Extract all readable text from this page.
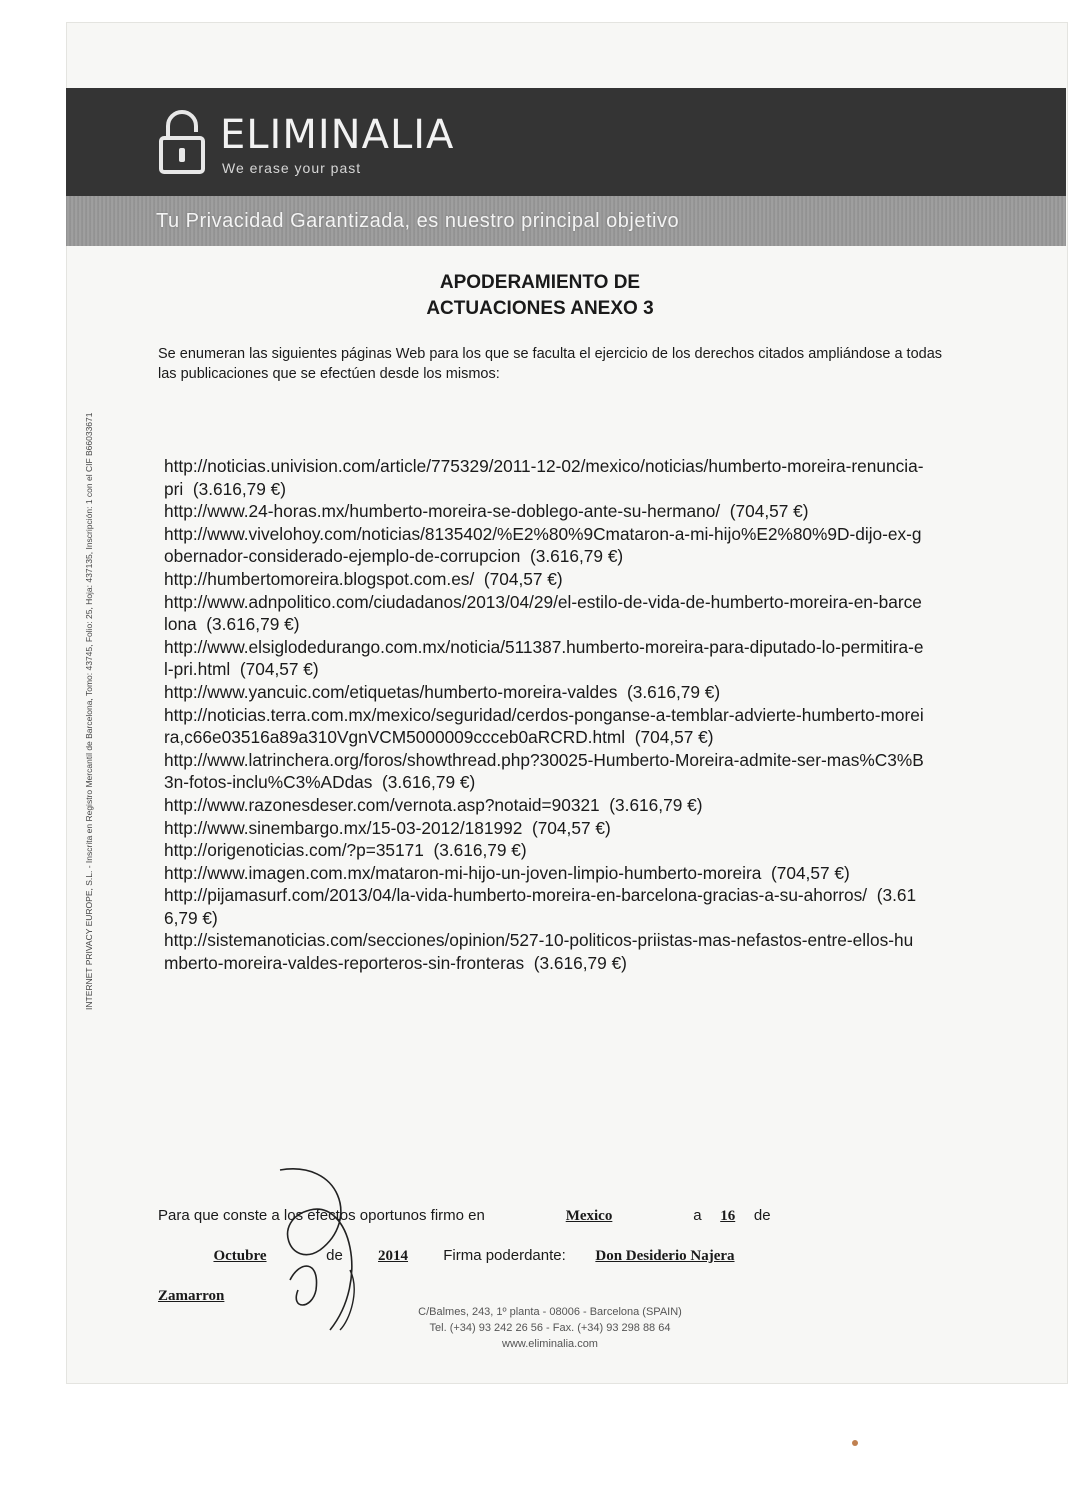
ELIMINALIA
We erase your past
Tu Privacidad Garantizada, es nuestro principal objetivo
INTERNET PRIVACY EUROPE, S.L. - Inscrita en Registro Mercantil de Barcelona, Tomo: 43745, Folio: 25, Hoja: 437135, Inscripción: 1 con el CIF B66033671
APODERAMIENTO DE
ACTUACIONES ANEXO 3
Se enumeran las siguientes páginas Web para los que se faculta el ejercicio de los derechos citados ampliándose a todas las publicaciones que se efectúen desde los mismos:
http://noticias.univision.com/article/775329/2011-12-02/mexico/noticias/humberto-moreira-renuncia-pri (3.616,79 €)
http://www.24-horas.mx/humberto-moreira-se-doblego-ante-su-hermano/ (704,57 €)
http://www.vivelohoy.com/noticias/8135402/%E2%80%9Cmataron-a-mi-hijo%E2%80%9D-dijo-ex-gobernador-considerado-ejemplo-de-corrupcion (3.616,79 €)
http://humbertomoreira.blogspot.com.es/ (704,57 €)
http://www.adnpolitico.com/ciudadanos/2013/04/29/el-estilo-de-vida-de-humberto-moreira-en-barcelona (3.616,79 €)
http://www.elsiglodedurango.com.mx/noticia/511387.humberto-moreira-para-diputado-lo-permitira-el-pri.html (704,57 €)
http://www.yancuic.com/etiquetas/humberto-moreira-valdes (3.616,79 €)
http://noticias.terra.com.mx/mexico/seguridad/cerdos-ponganse-a-temblar-advierte-humberto-moreira,c66e03516a89a310VgnVCM5000009ccceb0aRCRD.html (704,57 €)
http://www.latrinchera.org/foros/showthread.php?30025-Humberto-Moreira-admite-ser-mas%C3%B3n-fotos-inclu%C3%ADdas (3.616,79 €)
http://www.razonesdeser.com/vernota.asp?notaid=90321 (3.616,79 €)
http://www.sinembargo.mx/15-03-2012/181992 (704,57 €)
http://origenoticias.com/?p=35171 (3.616,79 €)
http://www.imagen.com.mx/mataron-mi-hijo-un-joven-limpio-humberto-moreira (704,57 €)
http://pijamasurf.com/2013/04/la-vida-humberto-moreira-en-barcelona-gracias-a-su-ahorros/ (3.616,79 €)
http://sistemanoticias.com/secciones/opinion/527-10-politicos-priistas-mas-nefastos-entre-ellos-humberto-moreira-valdes-reporteros-sin-fronteras (3.616,79 €)
Para que conste a los efectos oportunos firmo en	Mexico	a 16 de
Octubre	de 2014 Firma poderdante: Don Desiderio Najera
Zamarron
C/Balmes, 243, 1º planta - 08006 - Barcelona (SPAIN)
Tel. (+34) 93 242 26 56 - Fax. (+34) 93 298 88 64
www.eliminalia.com
